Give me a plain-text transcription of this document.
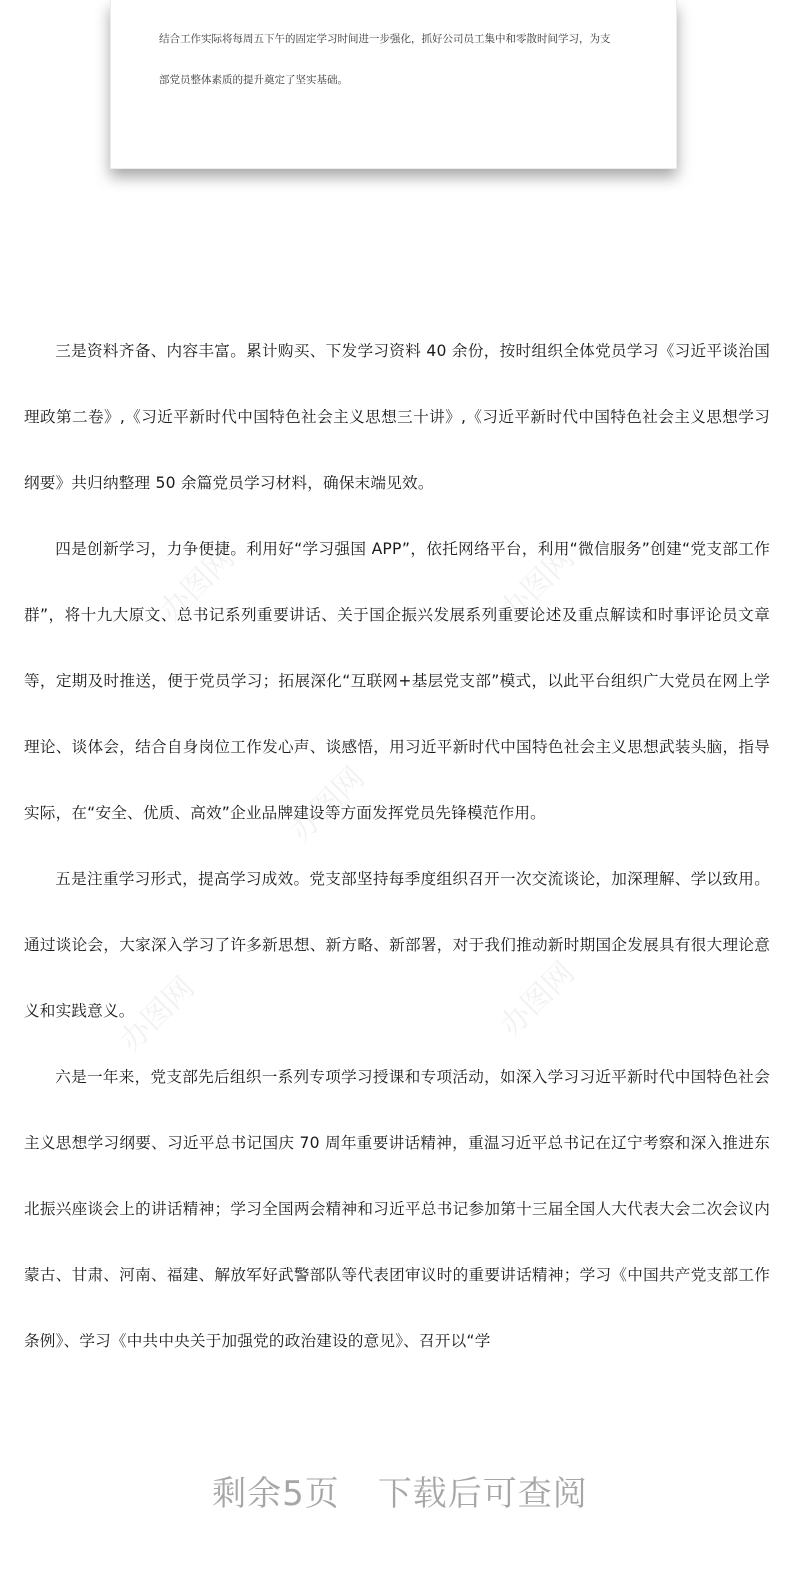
结合工作实际将每周五下午的固定学习时间进一步强化，抓好公司员工集中和零散时间学习，为支
部党员整体素质的提升奠定了坚实基础。
办图网	办图网
办图网
办图网	办图网

三是资料齐备、内容丰富。累计购买、下发学习资料 40 余份，按时组织全体党员学习《习近平谈治国理政第二卷》,《习近平新时代中国特色社会主义思想三十讲》,《习近平新时代中国特色社会主义思想学习纲要》共归纳整理 50 余篇党员学习材料，确保末端见效。

四是创新学习，力争便捷。利用好“学习强国 APP”，依托网络平台，利用“微信服务”创建“党支部工作群”，将十九大原文、总书记系列重要讲话、关于国企振兴发展系列重要论述及重点解读和时事评论员文章等，定期及时推送，便于党员学习；拓展深化“互联网+基层党支部”模式，以此平台组织广大党员在网上学理论、谈体会，结合自身岗位工作发心声、谈感悟，用习近平新时代中国特色社会主义思想武装头脑，指导实际，在“安全、优质、高效”企业品牌建设等方面发挥党员先锋模范作用。

五是注重学习形式，提高学习成效。党支部坚持每季度组织召开一次交流谈论，加深理解、学以致用。通过谈论会，大家深入学习了许多新思想、新方略、新部署，对于我们推动新时期国企发展具有很大理论意义和实践意义。

六是一年来，党支部先后组织一系列专项学习授课和专项活动，如深入学习习近平新时代中国特色社会主义思想学习纲要、习近平总书记国庆 70 周年重要讲话精神，重温习近平总书记在辽宁考察和深入推进东北振兴座谈会上的讲话精神；学习全国两会精神和习近平总书记参加第十三届全国人大代表大会二次会议内蒙古、甘肃、河南、福建、解放军好武警部队等代表团审议时的重要讲话精神；学习《中国共产党支部工作条例》、学习《中共中央关于加强党的政治建设的意见》、召开以“学

剩余5页 下载后可查阅
